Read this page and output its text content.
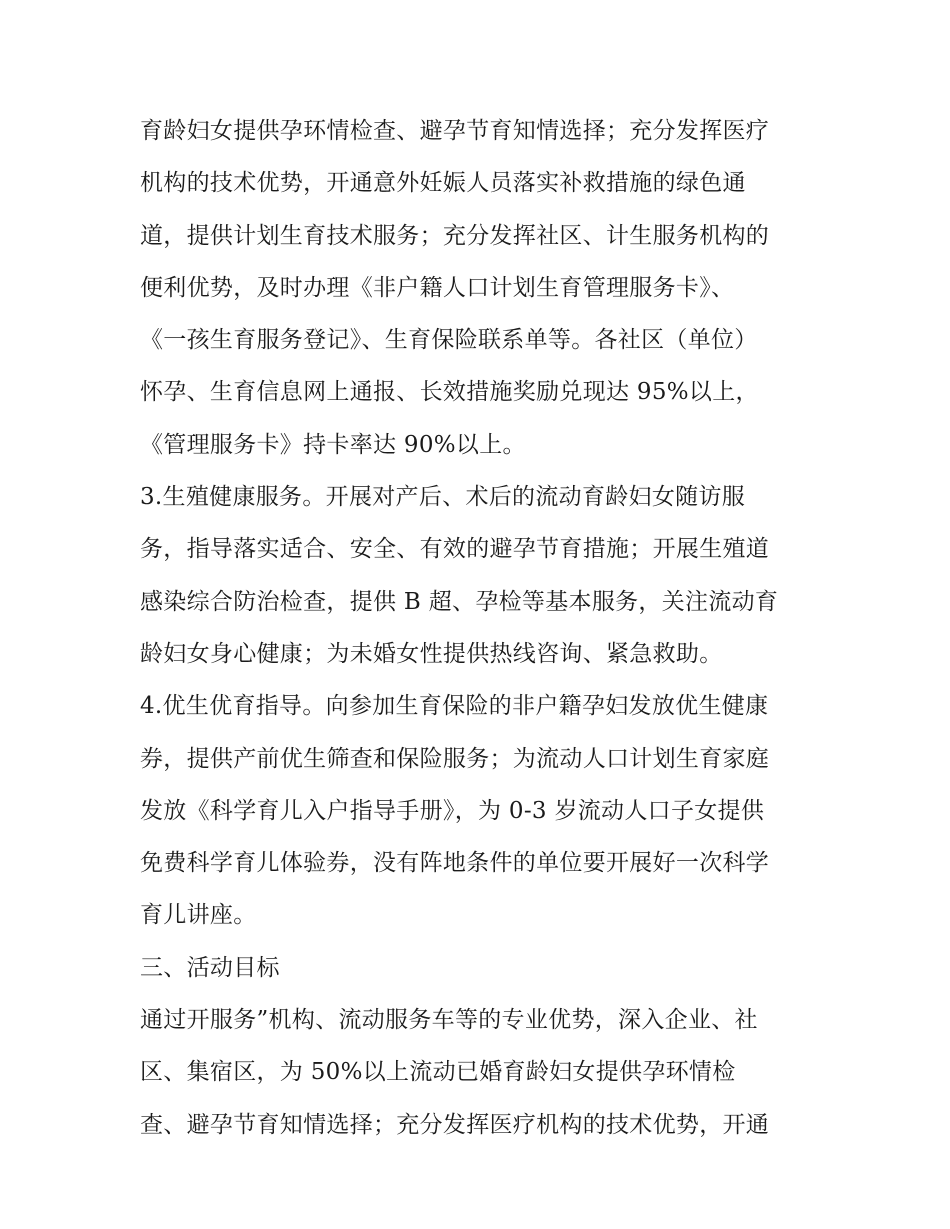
育龄妇女提供孕环情检查、避孕节育知情选择；充分发挥医疗
机构的技术优势，开通意外妊娠人员落实补救措施的绿色通
道，提供计划生育技术服务；充分发挥社区、计生服务机构的
便利优势，及时办理《非户籍人口计划生育管理服务卡》、
《一孩生育服务登记》、生育保险联系单等。各社区（单位）
怀孕、生育信息网上通报、长效措施奖励兑现达 95%以上，
《管理服务卡》持卡率达 90%以上。
3.生殖健康服务。开展对产后、术后的流动育龄妇女随访服
务，指导落实适合、安全、有效的避孕节育措施；开展生殖道
感染综合防治检查，提供 B 超、孕检等基本服务，关注流动育
龄妇女身心健康；为未婚女性提供热线咨询、紧急救助。
4.优生优育指导。向参加生育保险的非户籍孕妇发放优生健康
券，提供产前优生筛查和保险服务；为流动人口计划生育家庭
发放《科学育儿入户指导手册》，为 0-3 岁流动人口子女提供
免费科学育儿体验券，没有阵地条件的单位要开展好一次科学
育儿讲座。
三、活动目标
通过开服务”机构、流动服务车等的专业优势，深入企业、社
区、集宿区，为 50%以上流动已婚育龄妇女提供孕环情检
查、避孕节育知情选择；充分发挥医疗机构的技术优势，开通
